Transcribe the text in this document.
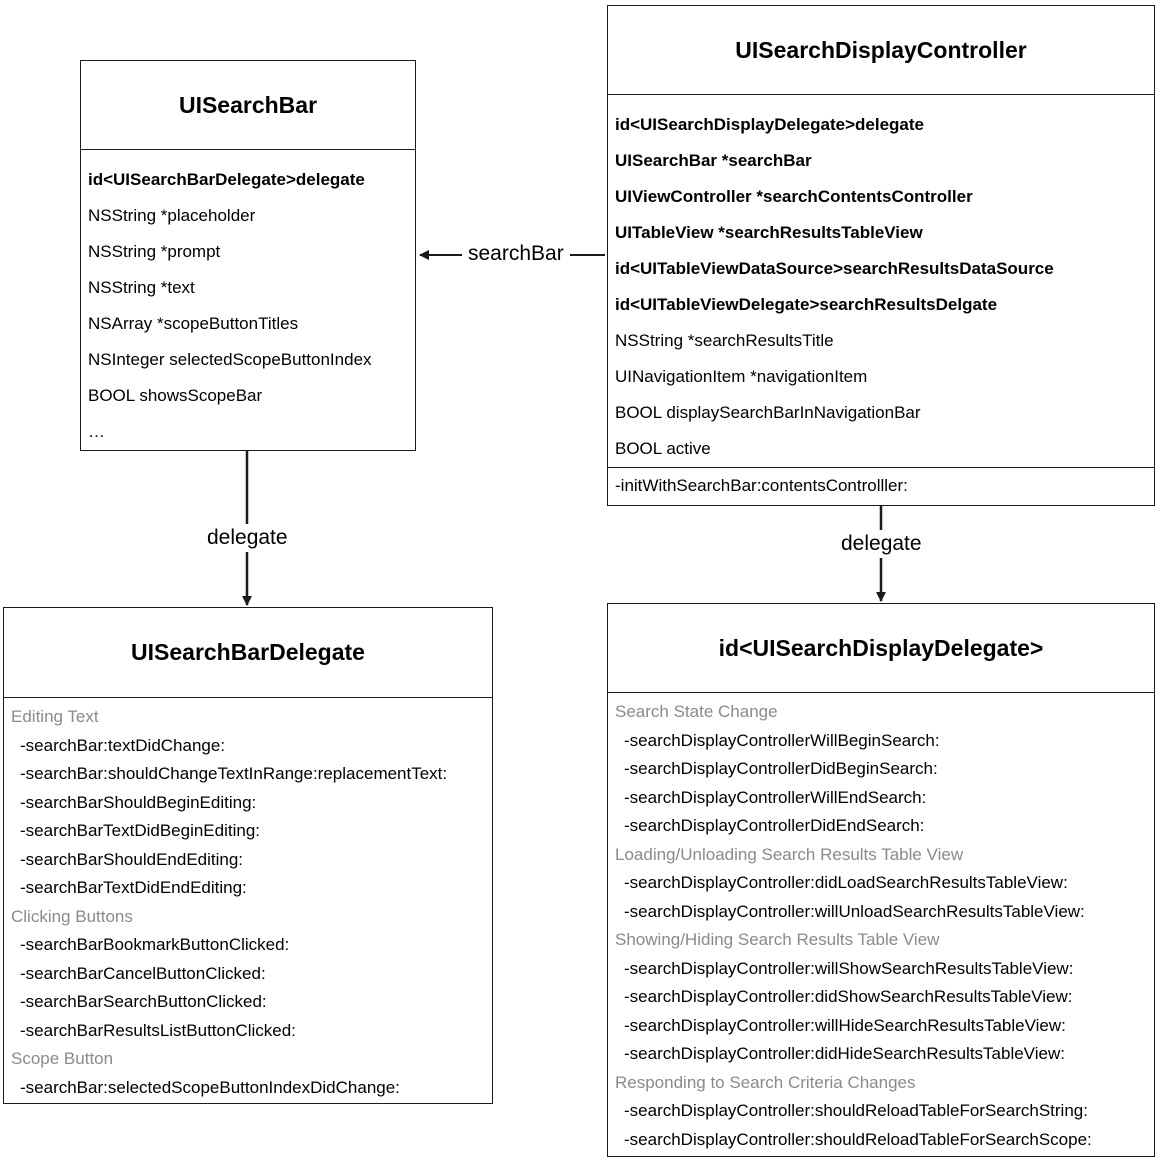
searchBar
delegate	delegate
UISearchBar
id<UISearchBarDelegate>delegate
NSString *placeholder
NSString *prompt
NSString *text
NSArray *scopeButtonTitles
NSInteger selectedScopeButtonIndex
BOOL showsScopeBar
…
UISearchDisplayController
id<UISearchDisplayDelegate>delegate
UISearchBar *searchBar
UIViewController *searchContentsController
UITableView *searchResultsTableView
id<UITableViewDataSource>searchResultsDataSource
id<UITableViewDelegate>searchResultsDelgate
NSString *searchResultsTitle
UINavigationItem *navigationItem
BOOL displaySearchBarInNavigationBar
BOOL active
-initWithSearchBar:contentsControlller:
UISearchBarDelegate
Editing Text
-searchBar:textDidChange:
-searchBar:shouldChangeTextInRange:replacementText:
-searchBarShouldBeginEditing:
-searchBarTextDidBeginEditing:
-searchBarShouldEndEditing:
-searchBarTextDidEndEditing:
Clicking Buttons
-searchBarBookmarkButtonClicked:
-searchBarCancelButtonClicked:
-searchBarSearchButtonClicked:
-searchBarResultsListButtonClicked:
Scope Button
-searchBar:selectedScopeButtonIndexDidChange:
id<UISearchDisplayDelegate>
Search State Change
-searchDisplayControllerWillBeginSearch:
-searchDisplayControllerDidBeginSearch:
-searchDisplayControllerWillEndSearch:
-searchDisplayControllerDidEndSearch:
Loading/Unloading Search Results Table View
-searchDisplayController:didLoadSearchResultsTableView:
-searchDisplayController:willUnloadSearchResultsTableView:
Showing/Hiding Search Results Table View
-searchDisplayController:willShowSearchResultsTableView:
-searchDisplayController:didShowSearchResultsTableView:
-searchDisplayController:willHideSearchResultsTableView:
-searchDisplayController:didHideSearchResultsTableView:
Responding to Search Criteria Changes
-searchDisplayController:shouldReloadTableForSearchString:
-searchDisplayController:shouldReloadTableForSearchScope:
